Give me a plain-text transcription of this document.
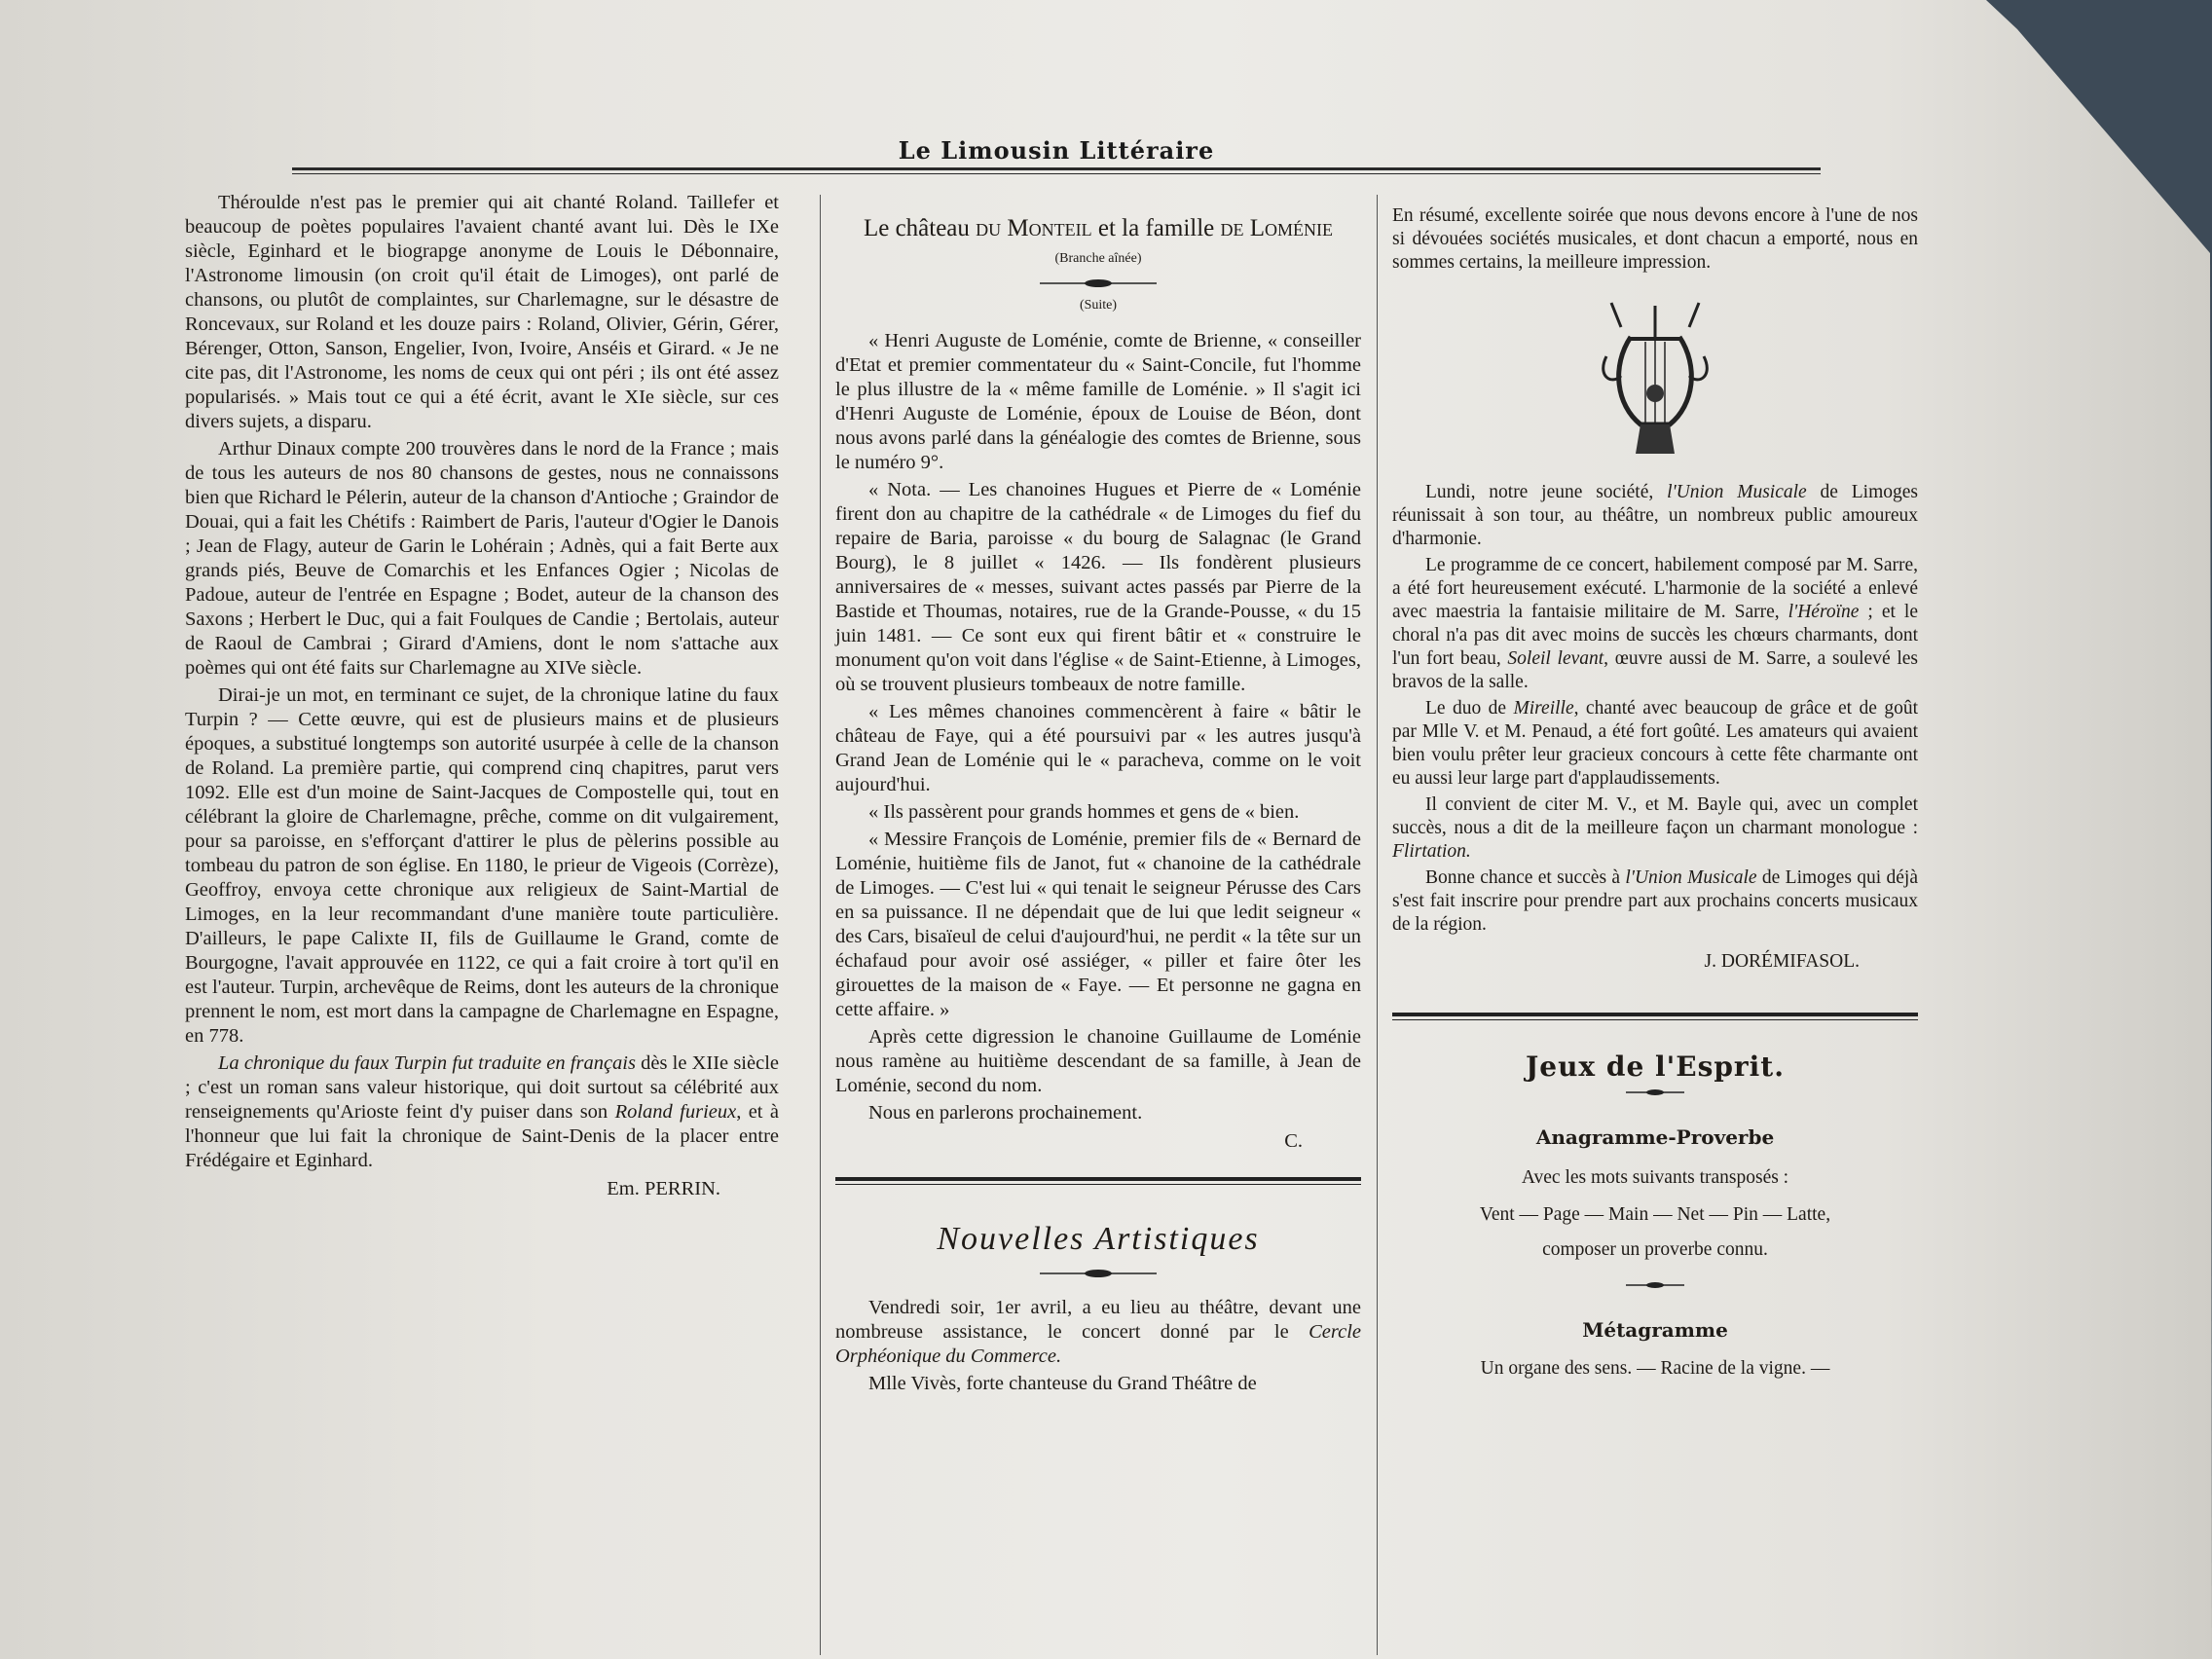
Le Limousin Littéraire

Théroulde n'est pas le premier qui ait chanté Roland. Taillefer et beaucoup de poètes populaires l'avaient chanté avant lui. Dès le IXe siècle, Eginhard et le biograpge anonyme de Louis le Débonnaire, l'Astronome limousin (on croit qu'il était de Limoges), ont parlé de chansons, ou plutôt de complaintes, sur Charlemagne, sur le désastre de Roncevaux, sur Roland et les douze pairs : Roland, Olivier, Gérin, Gérer, Bérenger, Otton, Sanson, Engelier, Ivon, Ivoire, Anséis et Girard. « Je ne cite pas, dit l'Astronome, les noms de ceux qui ont péri ; ils ont été assez popularisés. » Mais tout ce qui a été écrit, avant le XIe siècle, sur ces divers sujets, a disparu.

Arthur Dinaux compte 200 trouvères dans le nord de la France ; mais de tous les auteurs de nos 80 chansons de gestes, nous ne connaissons bien que Richard le Pélerin, auteur de la chanson d'Antioche ; Graindor de Douai, qui a fait les Chétifs : Raimbert de Paris, l'auteur d'Ogier le Danois ; Jean de Flagy, auteur de Garin le Lohérain ; Adnès, qui a fait Berte aux grands piés, Beuve de Comarchis et les Enfances Ogier ; Nicolas de Padoue, auteur de l'entrée en Espagne ; Bodet, auteur de la chanson des Saxons ; Herbert le Duc, qui a fait Foulques de Candie ; Bertolais, auteur de Raoul de Cambrai ; Girard d'Amiens, dont le nom s'attache aux poèmes qui ont été faits sur Charlemagne au XIVe siècle.

Dirai-je un mot, en terminant ce sujet, de la chronique latine du faux Turpin ? — Cette œuvre, qui est de plusieurs mains et de plusieurs époques, a substitué longtemps son autorité usurpée à celle de la chanson de Roland. La première partie, qui comprend cinq chapitres, parut vers 1092. Elle est d'un moine de Saint-Jacques de Compostelle qui, tout en célébrant la gloire de Charlemagne, prêche, comme on dit vulgairement, pour sa paroisse, en s'efforçant d'attirer le plus de pèlerins possible au tombeau du patron de son église. En 1180, le prieur de Vigeois (Corrèze), Geoffroy, envoya cette chronique aux religieux de Saint-Martial de Limoges, en la leur recommandant d'une manière toute particulière. D'ailleurs, le pape Calixte II, fils de Guillaume le Grand, comte de Bourgogne, l'avait approuvée en 1122, ce qui a fait croire à tort qu'il en est l'auteur. Turpin, archevêque de Reims, dont les auteurs de la chronique prennent le nom, est mort dans la campagne de Charlemagne en Espagne, en 778.

La chronique du faux Turpin fut traduite en français dès le XIIe siècle ; c'est un roman sans valeur historique, qui doit surtout sa célébrité aux renseignements qu'Arioste feint d'y puiser dans son Roland furieux, et à l'honneur que lui fait la chronique de Saint-Denis de la placer entre Frédégaire et Eginhard.

Em. PERRIN.
Le château du Monteil et la famille de Loménie
(Branche aînée)
(Suite)

« Henri Auguste de Loménie, comte de Brienne, « conseiller d'Etat et premier commentateur du « Saint-Concile, fut l'homme le plus illustre de la « même famille de Loménie. » Il s'agit ici d'Henri Auguste de Loménie, époux de Louise de Béon, dont nous avons parlé dans la généalogie des comtes de Brienne, sous le numéro 9°.

« Nota. — Les chanoines Hugues et Pierre de « Loménie firent don au chapitre de la cathédrale « de Limoges du fief du repaire de Baria, paroisse « du bourg de Salagnac (le Grand Bourg), le 8 juillet « 1426. — Ils fondèrent plusieurs anniversaires de « messes, suivant actes passés par Pierre de la Bastide et Thoumas, notaires, rue de la Grande-Pousse, « du 15 juin 1481. — Ce sont eux qui firent bâtir et « construire le monument qu'on voit dans l'église « de Saint-Etienne, à Limoges, où se trouvent plusieurs tombeaux de notre famille.

« Les mêmes chanoines commencèrent à faire « bâtir le château de Faye, qui a été poursuivi par « les autres jusqu'à Grand Jean de Loménie qui le « paracheva, comme on le voit aujourd'hui.

« Ils passèrent pour grands hommes et gens de « bien.

« Messire François de Loménie, premier fils de « Bernard de Loménie, huitième fils de Janot, fut « chanoine de la cathédrale de Limoges. — C'est lui « qui tenait le seigneur Pérusse des Cars en sa puissance. Il ne dépendait que de lui que ledit seigneur « des Cars, bisaïeul de celui d'aujourd'hui, ne perdit « la tête sur un échafaud pour avoir osé assiéger, « piller et faire ôter les girouettes de la maison de « Faye. — Et personne ne gagna en cette affaire. »

Après cette digression le chanoine Guillaume de Loménie nous ramène au huitième descendant de sa famille, à Jean de Loménie, second du nom.

Nous en parlerons prochainement.

C.
Nouvelles Artistiques

Vendredi soir, 1er avril, a eu lieu au théâtre, devant une nombreuse assistance, le concert donné par le Cercle Orphéonique du Commerce.

Mlle Vivès, forte chanteuse du Grand Théâtre de

En résumé, excellente soirée que nous devons encore à l'une de nos si dévouées sociétés musicales, et dont chacun a emporté, nous en sommes certains, la meilleure impression.

Lundi, notre jeune société, l'Union Musicale de Limoges réunissait à son tour, au théâtre, un nombreux public amoureux d'harmonie.

Le programme de ce concert, habilement composé par M. Sarre, a été fort heureusement exécuté. L'harmonie de la société a enlevé avec maestria la fantaisie militaire de M. Sarre, l'Héroïne ; et le choral n'a pas dit avec moins de succès les chœurs charmants, dont l'un fort beau, Soleil levant, œuvre aussi de M. Sarre, a soulevé les bravos de la salle.

Le duo de Mireille, chanté avec beaucoup de grâce et de goût par Mlle V. et M. Penaud, a été fort goûté. Les amateurs qui avaient bien voulu prêter leur gracieux concours à cette fête charmante ont eu aussi leur large part d'applaudissements.

Il convient de citer M. V., et M. Bayle qui, avec un complet succès, nous a dit de la meilleure façon un charmant monologue : Flirtation.

Bonne chance et succès à l'Union Musicale de Limoges qui déjà s'est fait inscrire pour prendre part aux prochains concerts musicaux de la région.

J. DORÉMIFASOL.
Jeux de l'Esprit.
Anagramme-Proverbe

Avec les mots suivants transposés :

Vent — Page — Main — Net — Pin — Latte,

composer un proverbe connu.

Métagramme

Un organe des sens. — Racine de la vigne. —
